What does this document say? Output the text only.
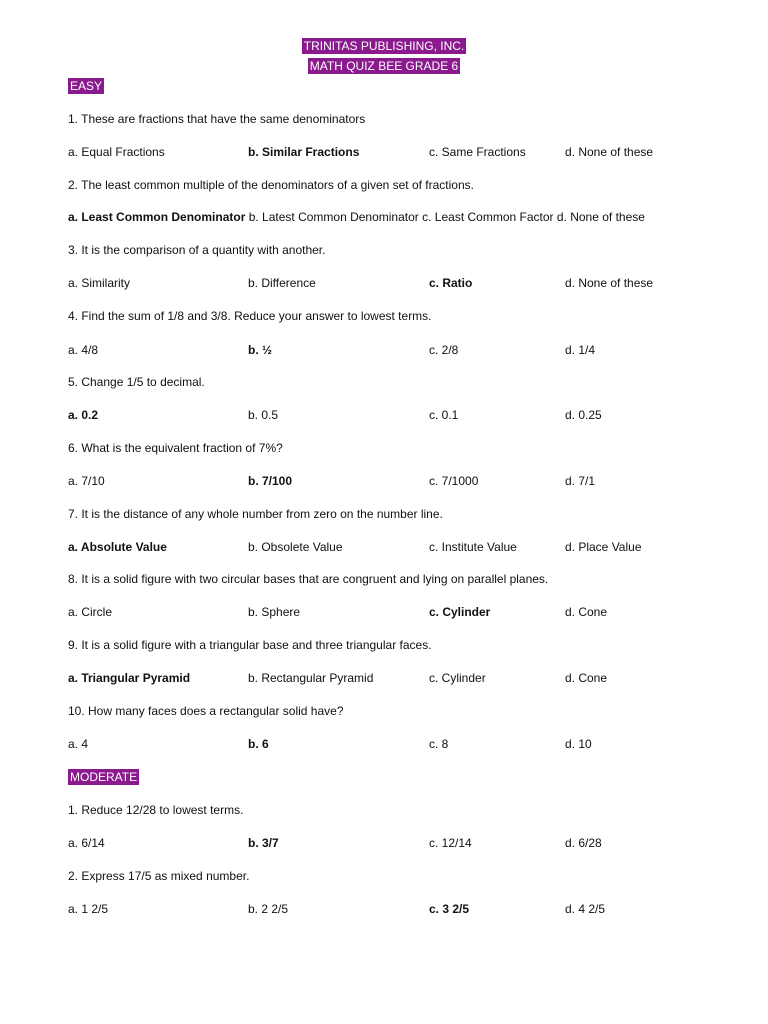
TRINITAS PUBLISHING, INC.
MATH QUIZ BEE GRADE 6
EASY
1. These are fractions that have the same denominators
a. Equal Fractions	b. Similar Fractions	c. Same Fractions	d. None of these
2. The least common multiple of the denominators of a given set of fractions.
a. Least Common Denominator b. Latest Common Denominator c. Least Common Factor d. None of these
3. It is the comparison of a quantity with another.
a. Similarity	b. Difference	c. Ratio	d. None of these
4. Find the sum of 1/8 and 3/8. Reduce your answer to lowest terms.
a. 4/8	b. ½	c. 2/8	d. 1/4
5. Change 1/5 to decimal.
a. 0.2	b. 0.5	c. 0.1	d. 0.25
6. What is the equivalent fraction of 7%?
a. 7/10	b. 7/100	c. 7/1000	d. 7/1
7. It is the distance of any whole number from zero on the number line.
a. Absolute Value	b. Obsolete Value	c. Institute Value	d. Place Value
8. It is a solid figure with two circular bases that are congruent and lying on parallel planes.
a. Circle	b. Sphere	c. Cylinder	d. Cone
9. It is a solid figure with a triangular base and three triangular faces.
a. Triangular Pyramid	b. Rectangular Pyramid	c. Cylinder	d. Cone
10. How many faces does a rectangular solid have?
a. 4	b. 6	c. 8	d. 10
MODERATE
1. Reduce 12/28 to lowest terms.
a. 6/14	b. 3/7	c. 12/14	d. 6/28
2. Express 17/5 as mixed number.
a. 1 2/5	b. 2 2/5	c. 3 2/5	d. 4 2/5
